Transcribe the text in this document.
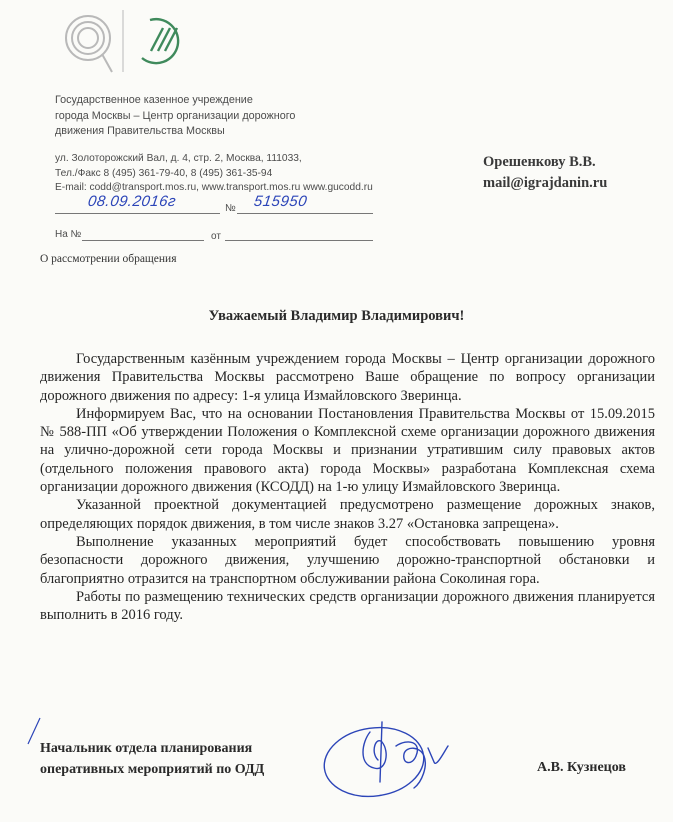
Государственное казенное учреждение
города Москвы – Центр организации дорожного
движения Правительства Москвы
ул. Золоторожский Вал, д. 4, стр. 2, Москва, 111033,
Тел./Факс 8 (495) 361-79-40, 8 (495) 361-35-94
E-mail: codd@transport.mos.ru, www.transport.mos.ru www.gucodd.ru
Орешенкову В.В.
mail@igrajdanin.ru
08.09.2016г	№ 515950
На №	от
О рассмотрении обращения
Уважаемый Владимир Владимирович!

Государственным казённым учреждением города Москвы – Центр организации дорожного движения Правительства Москвы рассмотрено Ваше обращение по вопросу организации дорожного движения по адресу: 1-я улица Измайловского Зверинца.

Информируем Вас, что на основании Постановления Правительства Москвы от 15.09.2015 № 588-ПП «Об утверждении Положения о Комплексной схеме организации дорожного движения на улично-дорожной сети города Москвы и признании утратившим силу правовых актов (отдельного положения правового акта) города Москвы» разработана Комплексная схема организации дорожного движения (КСОДД) на 1-ю улицу Измайловского Зверинца.

Указанной проектной документацией предусмотрено размещение дорожных знаков, определяющих порядок движения, в том числе знаков 3.27 «Остановка запрещена».

Выполнение указанных мероприятий будет способствовать повышению уровня безопасности дорожного движения, улучшению дорожно-транспортной обстановки и благоприятно отразится на транспортном обслуживании района Соколиная гора.

Работы по размещению технических средств организации дорожного движения планируется выполнить в 2016 году.

Начальник отдела планирования
оперативных мероприятий по ОДД	А.В. Кузнецов
